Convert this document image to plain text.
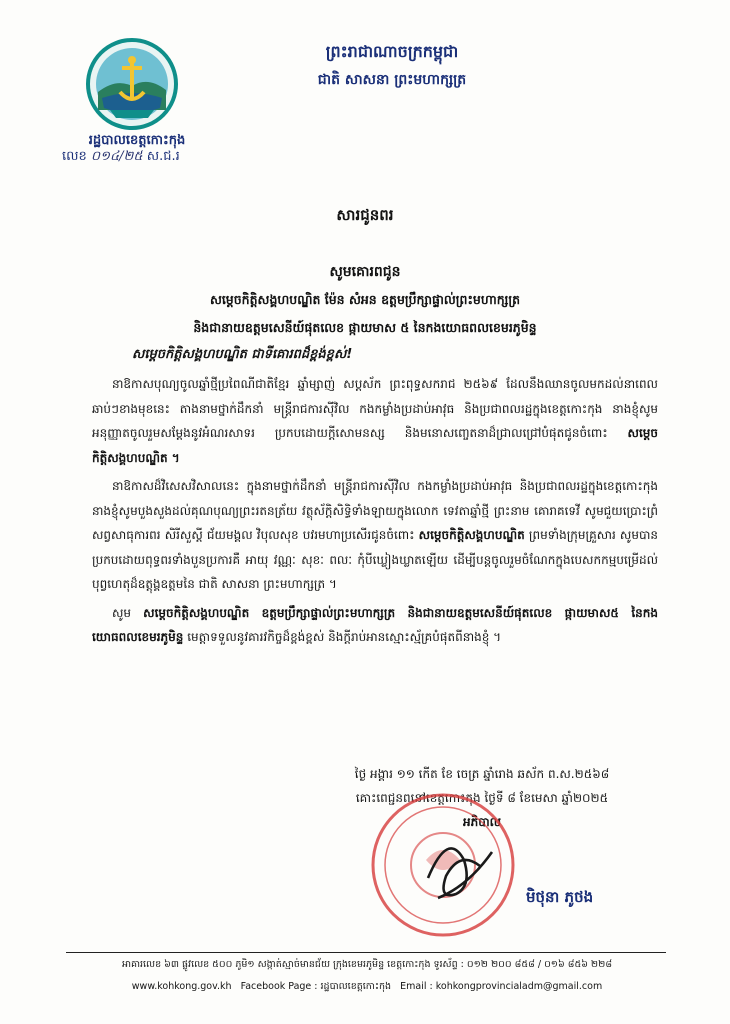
រដ្ឋបាលខេត្តកោះកុង
លេខ ០១៤/២៥ ស.ជ.រ
ព្រះរាជាណាចក្រកម្ពុជា
ជាតិ សាសនា ព្រះមហាក្សត្រ
សារជូនពរ
សូមគោរពជូន
សម្ដេចកិត្តិសង្គហបណ្ឌិត ម៉ែន សំអន ឧត្ដមប្រឹក្សាផ្ទាល់ព្រះមហាក្សត្រ
និងជានាយឧត្តមសេនីយ៍ផុតលេខ ផ្កាយមាស ៥ នៃកងយោធពលខេមរភូមិន្ទ
សម្ដេចកិត្តិសង្គហបណ្ឌិត ជាទីគោរពដ៏ខ្ពង់ខ្ពស់!

នាឱកាសបុណ្យចូលឆ្នាំថ្មីប្រពៃណីជាតិខ្មែរ ឆ្នាំម្សាញ់ សប្ដស័ក ព្រះពុទ្ធសករាជ ២៥៦៩ ដែលនឹងឈានចូលមកដល់នាពេលឆាប់ៗខាងមុខនេះ តាងនាមថ្នាក់ដឹកនាំ មន្ត្រីរាជការស៊ីវិល កងកម្លាំងប្រដាប់អាវុធ និងប្រជាពលរដ្ឋក្នុងខេត្តកោះកុង នាងខ្ញុំសូមអនុញ្ញាតចូលរួមសម្ដែងនូវអំណរសាទរ ប្រកបដោយក្ដីសោមនស្ស និងមនោសញ្ចេតនាដ៏ជ្រាលជ្រៅបំផុតជូនចំពោះ សម្ដេចកិត្តិសង្គហបណ្ឌិត ។

នាឱកាសដ៏វិសេសវិសាលនេះ ក្នុងនាមថ្នាក់ដឹកនាំ មន្ត្រីរាជការស៊ីវិល កងកម្លាំងប្រដាប់អាវុធ និងប្រជាពលរដ្ឋក្នុងខេត្តកោះកុង នាងខ្ញុំសូមបួងសួងដល់គុណបុណ្យព្រះរតនត្រ័យ វត្ថុស័ក្ដិសិទ្ធិទាំងឡាយក្នុងលោក ទេវតាឆ្នាំថ្មី ព្រះនាម គោរាគទេវី សូមជួយប្រោះព្រំ សព្វសាធុការពរ សិរីសួស្ដី ជ័យមង្គល វិបុលសុខ បវរមហាប្រសើរជូនចំពោះ សម្ដេចកិត្តិសង្គហបណ្ឌិត ព្រមទាំងក្រុមគ្រួសារ សូមបានប្រកបដោយពុទ្ធពរទាំងបួនប្រការគឺ អាយុ វណ្ណៈ សុខៈ ពលៈ កុំបីឃ្លៀងឃ្លាតឡើយ ដើម្បីបន្តចូលរួមចំណែកក្នុងបេសកកម្មបម្រើដល់បុព្វហេតុដ៏ឧត្តុង្គឧត្តមនៃ ជាតិ សាសនា ព្រះមហាក្សត្រ ។

សូម សម្ដេចកិត្តិសង្គហបណ្ឌិត ឧត្ដមប្រឹក្សាផ្ទាល់ព្រះមហាក្សត្រ និងជានាយឧត្តមសេនីយ៍ផុតលេខ ផ្កាយមាស៥ នៃកងយោធពលខេមរភូមិន្ទ មេត្តាទទួលនូវគារវកិច្ចដ៏ខ្ពង់ខ្ពស់ និងក្ដីរាប់អានស្មោះស្ម័គ្របំផុតពីនាងខ្ញុំ ។

ថ្ងៃ អង្គារ ១១ កើត ខែ ចេត្រ ឆ្នាំរោង ឆស័ក ព.ស.២៥៦៨
គោះពេជ្ជនពនៅខេត្តកោះកុង ថ្ងៃទី ៨ ខែមេសា ឆ្នាំ២០២៥
អភិបាល
មិថុនា ភូថង
អាគារលេខ ៦៣ ផ្លូវលេខ ៥០០ ភូមិ១ សង្កាត់ស្មាច់មានជ័យ ក្រុងខេមរភូមិន្ទ ខេត្តកោះកុង ទូរស័ព្ទ : ០១២ ២០០ ៨៥៨ / ០១៦ ៨៥៦ ២២៨
www.kohkong.gov.kh Facebook Page : រដ្ឋបាលខេត្តកោះកុង Email : kohkongprovincialadm@gmail.com
